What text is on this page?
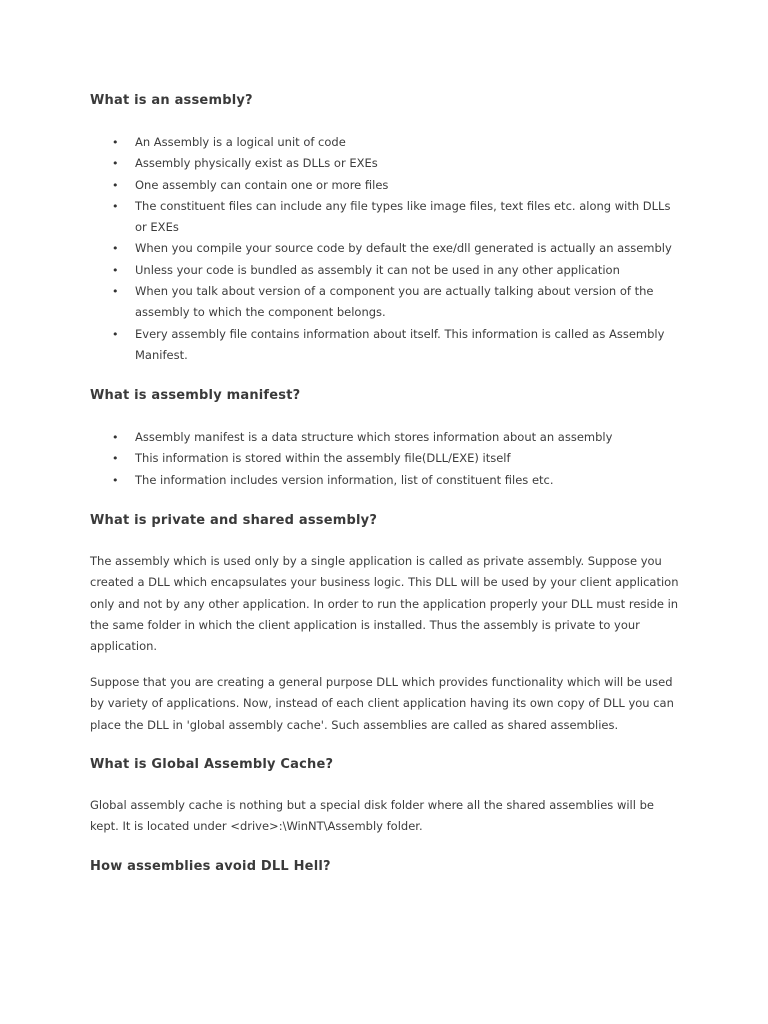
What is an assembly?
• An Assembly is a logical unit of code
• Assembly physically exist as DLLs or EXEs
• One assembly can contain one or more files
• The constituent files can include any file types like image files, text files etc. along with DLLs or EXEs
• When you compile your source code by default the exe/dll generated is actually an assembly
• Unless your code is bundled as assembly it can not be used in any other application
• When you talk about version of a component you are actually talking about version of the assembly to which the component belongs.
• Every assembly file contains information about itself. This information is called as Assembly Manifest.
What is assembly manifest?
• Assembly manifest is a data structure which stores information about an assembly
• This information is stored within the assembly file(DLL/EXE) itself
• The information includes version information, list of constituent files etc.
What is private and shared assembly?

The assembly which is used only by a single application is called as private assembly. Suppose you created a DLL which encapsulates your business logic. This DLL will be used by your client application only and not by any other application. In order to run the application properly your DLL must reside in the same folder in which the client application is installed. Thus the assembly is private to your application.

Suppose that you are creating a general purpose DLL which provides functionality which will be used by variety of applications. Now, instead of each client application having its own copy of DLL you can place the DLL in 'global assembly cache'. Such assemblies are called as shared assemblies.

What is Global Assembly Cache?

Global assembly cache is nothing but a special disk folder where all the shared assemblies will be kept. It is located under <drive>:\WinNT\Assembly folder.

How assemblies avoid DLL Hell?
